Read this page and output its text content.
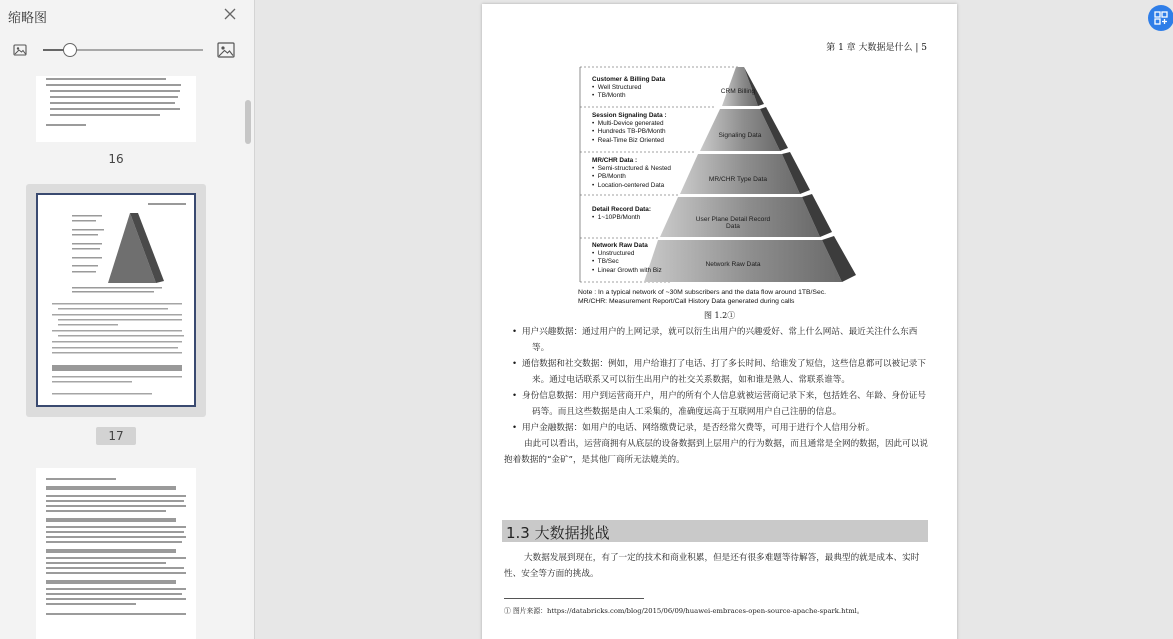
缩略图
16
17
第 1 章 大数据是什么 | 5
Customer & Billing Data
•  Well Structured
•  TB/Month
Session Signaling Data :
•  Multi-Device generated
•  Hundreds TB-PB/Month
•  Real-Time Biz Oriented
MR/CHR Data :
•  Semi-structured & Nested
•  PB/Month
•  Location-centered Data
Detail Record Data:
•  1~10PB/Month
Network Raw Data
•  Unstructured
•  TB/Sec
•  Linear Growth with Biz
CRM Billing
Signaling Data
MR/CHR Type Data
User Plane Detail Record Data
Network Raw Data
Note : In a typical network of ~30M subscribers and the data flow around 1TB/Sec.
MR/CHR: Measurement Report/Call History Data generated during calls
图 1.2①
• 用户兴趣数据：通过用户的上网记录，就可以衍生出用户的兴趣爱好、常上什么网站、最近关注什么东西等。
• 通信数据和社交数据：例如，用户给谁打了电话、打了多长时间、给谁发了短信，这些信息都可以被记录下来。通过电话联系又可以衍生出用户的社交关系数据，如和谁是熟人、常联系谁等。
• 身份信息数据：用户到运营商开户，用户的所有个人信息就被运营商记录下来，包括姓名、年龄、身份证号码等。而且这些数据是由人工采集的，准确度远高于互联网用户自己注册的信息。
• 用户金融数据：如用户的电话、网络缴费记录，是否经常欠费等，可用于进行个人信用分析。
由此可以看出，运营商拥有从底层的设备数据到上层用户的行为数据，而且通常是全网的数据，因此可以说抱着数据的“金矿”，是其他厂商所无法媲美的。
1.3 大数据挑战
大数据发展到现在，有了一定的技术和商业积累，但是还有很多难题等待解答，最典型的就是成本、实时性、安全等方面的挑战。
① 图片来源：https://databricks.com/blog/2015/06/09/huawei-embraces-open-source-apache-spark.html。
